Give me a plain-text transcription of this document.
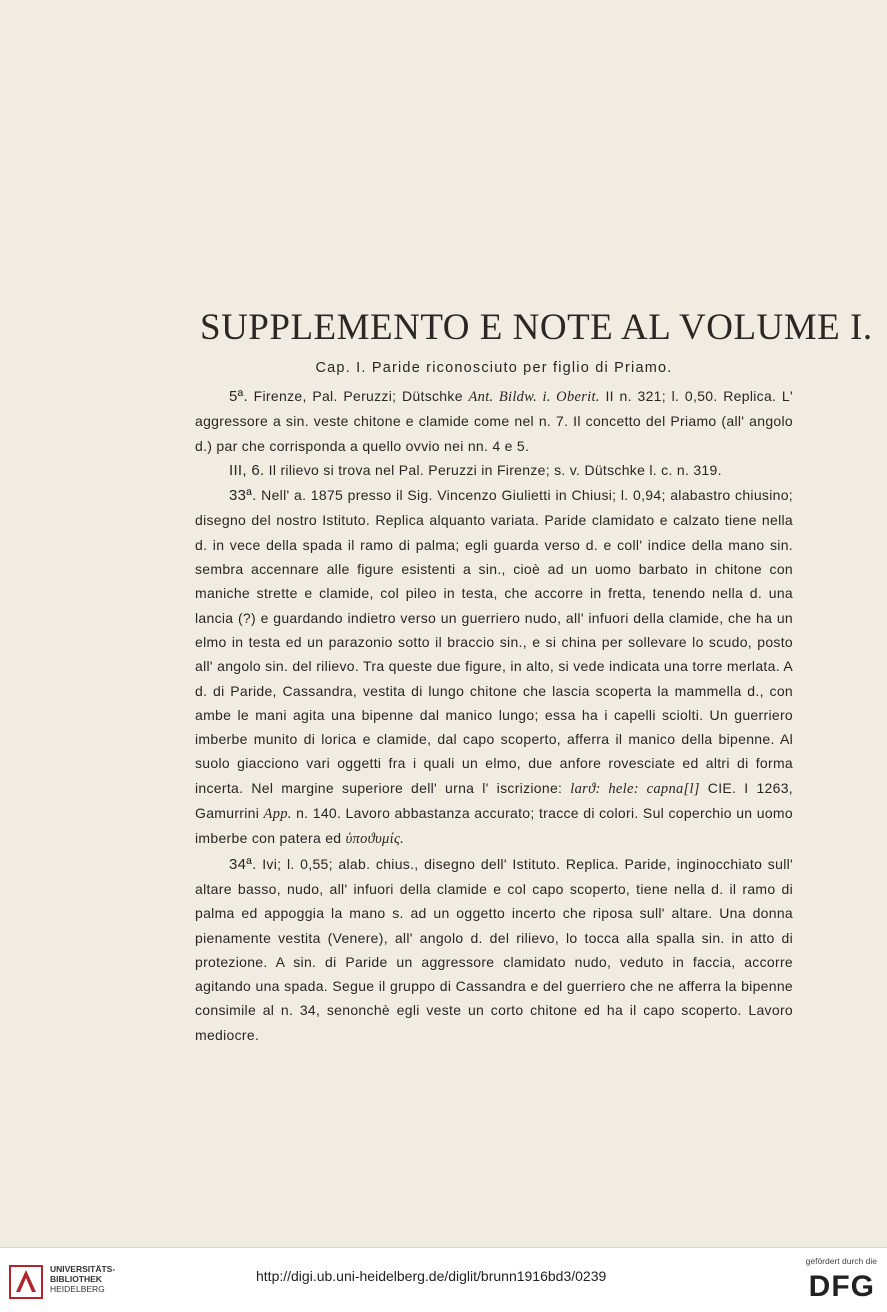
SUPPLEMENTO E NOTE AL VOLUME I.
Cap. I. Paride riconosciuto per figlio di Priamo.

5ª. Firenze, Pal. Peruzzi; Dütschke Ant. Bildw. i. Oberit. II n. 321; l. 0,50. Replica. L' aggressore a sin. veste chitone e clamide come nel n. 7. Il concetto del Priamo (all' angolo d.) par che corrisponda a quello ovvio nei nn. 4 e 5.

III, 6. Il rilievo si trova nel Pal. Peruzzi in Firenze; s. v. Dütschke l. c. n. 319.

33ª. Nell' a. 1875 presso il Sig. Vincenzo Giulietti in Chiusi; l. 0,94; alabastro chiusino; disegno del nostro Istituto. Replica alquanto variata. Paride clamidato e calzato tiene nella d. in vece della spada il ramo di palma; egli guarda verso d. e coll' indice della mano sin. sembra accennare alle figure esistenti a sin., cioè ad un uomo barbato in chitone con maniche strette e clamide, col pileo in testa, che accorre in fretta, tenendo nella d. una lancia (?) e guardando indietro verso un guerriero nudo, all' infuori della clamide, che ha un elmo in testa ed un parazonio sotto il braccio sin., e si china per sollevare lo scudo, posto all' angolo sin. del rilievo. Tra queste due figure, in alto, si vede indicata una torre merlata. A d. di Paride, Cassandra, vestita di lungo chitone che lascia scoperta la mammella d., con ambe le mani agita una bipenne dal manico lungo; essa ha i capelli sciolti. Un guerriero imberbe munito di lorica e clamide, dal capo scoperto, afferra il manico della bipenne. Al suolo giacciono vari oggetti fra i quali un elmo, due anfore rovesciate ed altri di forma incerta. Nel margine superiore dell' urna l' iscrizione: larϑ: hele: capna[l] CIE. I 1263, Gamurrini App. n. 140. Lavoro abbastanza accurato; tracce di colori. Sul coperchio un uomo imberbe con patera ed ὑποϑυμίς.

34ª. Ivi; l. 0,55; alab. chius., disegno dell' Istituto. Replica. Paride, inginocchiato sull' altare basso, nudo, all' infuori della clamide e col capo scoperto, tiene nella d. il ramo di palma ed appoggia la mano s. ad un oggetto incerto che riposa sull' altare. Una donna pienamente vestita (Venere), all' angolo d. del rilievo, lo tocca alla spalla sin. in atto di protezione. A sin. di Paride un aggressore clamidato nudo, veduto in faccia, accorre agitando una spada. Segue il gruppo di Cassandra e del guerriero che ne afferra la bipenne consimile al n. 34, senonchè egli veste un corto chitone ed ha il capo scoperto. Lavoro mediocre.

UNIVERSITÄTS-
BIBLIOTHEK
HEIDELBERG
http://digi.ub.uni-heidelberg.de/diglit/brunn1916bd3/0239
gefördert durch die
DFG
